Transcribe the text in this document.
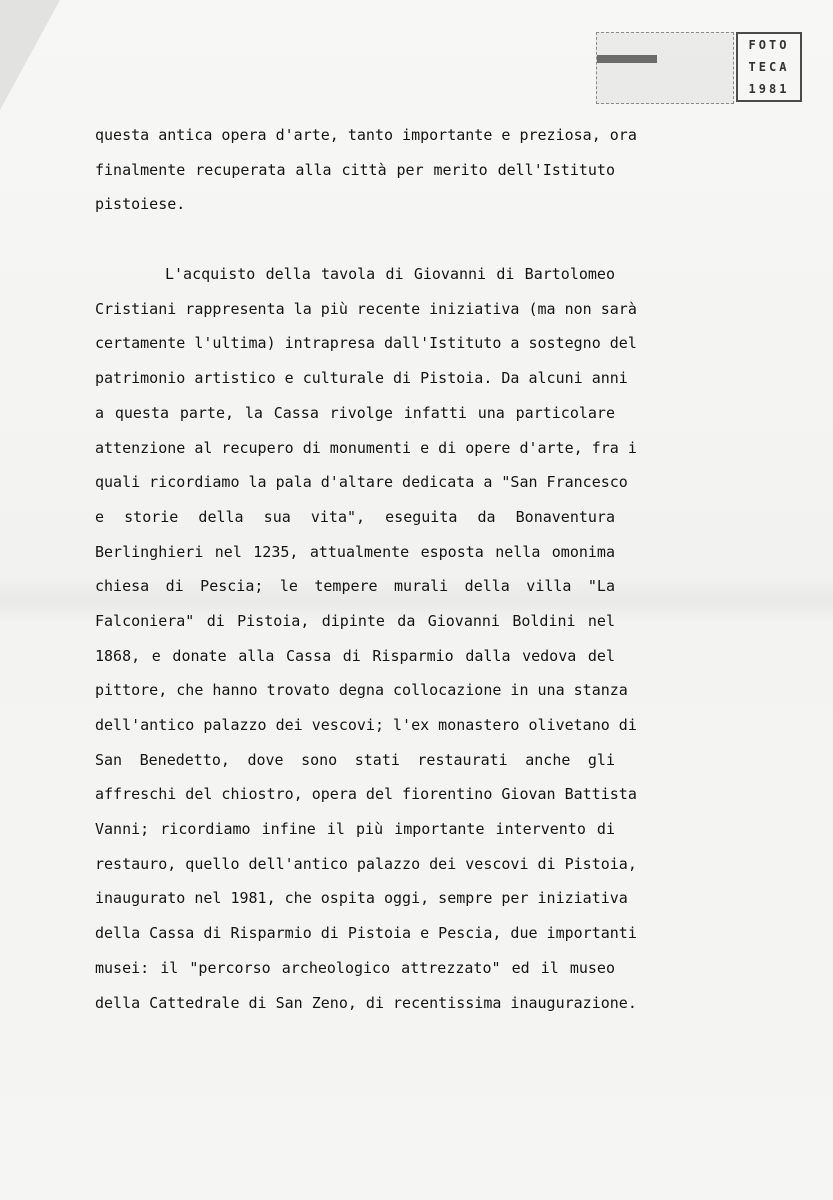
FOTO
TECA
1981
questa antica opera d'arte, tanto importante e preziosa, ora
finalmente recuperata alla città per merito dell'Istituto
pistoiese.
L'acquisto della tavola di Giovanni di Bartolomeo
Cristiani rappresenta la più recente iniziativa (ma non sarà
certamente l'ultima) intrapresa dall'Istituto a sostegno del
patrimonio artistico e culturale di Pistoia. Da alcuni anni
a questa parte, la Cassa rivolge infatti una particolare
attenzione al recupero di monumenti e di opere d'arte, fra i
quali ricordiamo la pala d'altare dedicata a "San Francesco
e storie della sua vita", eseguita da Bonaventura
Berlinghieri nel 1235, attualmente esposta nella omonima
chiesa di Pescia; le tempere murali della villa "La
Falconiera" di Pistoia, dipinte da Giovanni Boldini nel
1868, e donate alla Cassa di Risparmio dalla vedova del
pittore, che hanno trovato degna collocazione in una stanza
dell'antico palazzo dei vescovi; l'ex monastero olivetano di
San Benedetto, dove sono stati restaurati anche gli
affreschi del chiostro, opera del fiorentino Giovan Battista
Vanni; ricordiamo infine il più importante intervento di
restauro, quello dell'antico palazzo dei vescovi di Pistoia,
inaugurato nel 1981, che ospita oggi, sempre per iniziativa
della Cassa di Risparmio di Pistoia e Pescia, due importanti
musei: il "percorso archeologico attrezzato" ed il museo
della Cattedrale di San Zeno, di recentissima inaugurazione.
